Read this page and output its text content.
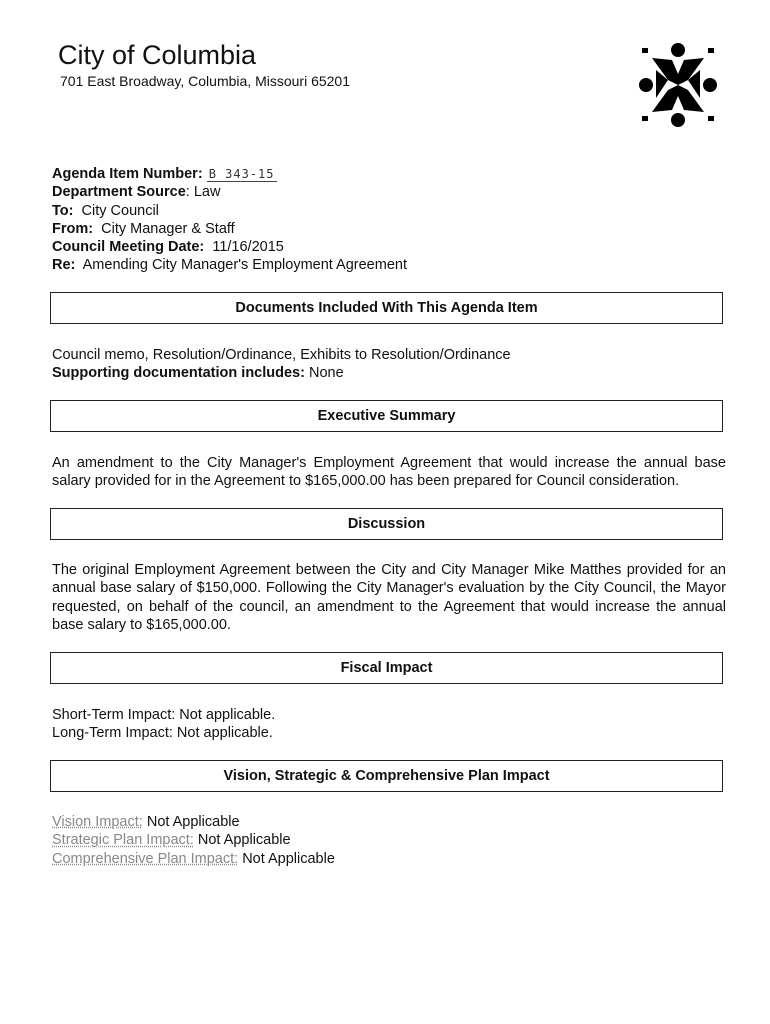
City of Columbia
701 East Broadway, Columbia, Missouri 65201
Agenda Item Number: B 343-15
Department Source: Law
To: City Council
From: City Manager & Staff
Council Meeting Date: 11/16/2015
Re: Amending City Manager's Employment Agreement
Documents Included With This Agenda Item
Council memo, Resolution/Ordinance, Exhibits to Resolution/Ordinance
Supporting documentation includes: None
Executive Summary
An amendment to the City Manager's Employment Agreement that would increase the annual base salary provided for in the Agreement to $165,000.00 has been prepared for Council consideration.
Discussion
The original Employment Agreement between the City and City Manager Mike Matthes provided for an annual base salary of $150,000. Following the City Manager's evaluation by the City Council, the Mayor requested, on behalf of the council, an amendment to the Agreement that would increase the annual base salary to $165,000.00.
Fiscal Impact
Short-Term Impact: Not applicable.
Long-Term Impact: Not applicable.
Vision, Strategic & Comprehensive Plan Impact
Vision Impact: Not Applicable
Strategic Plan Impact: Not Applicable
Comprehensive Plan Impact: Not Applicable
